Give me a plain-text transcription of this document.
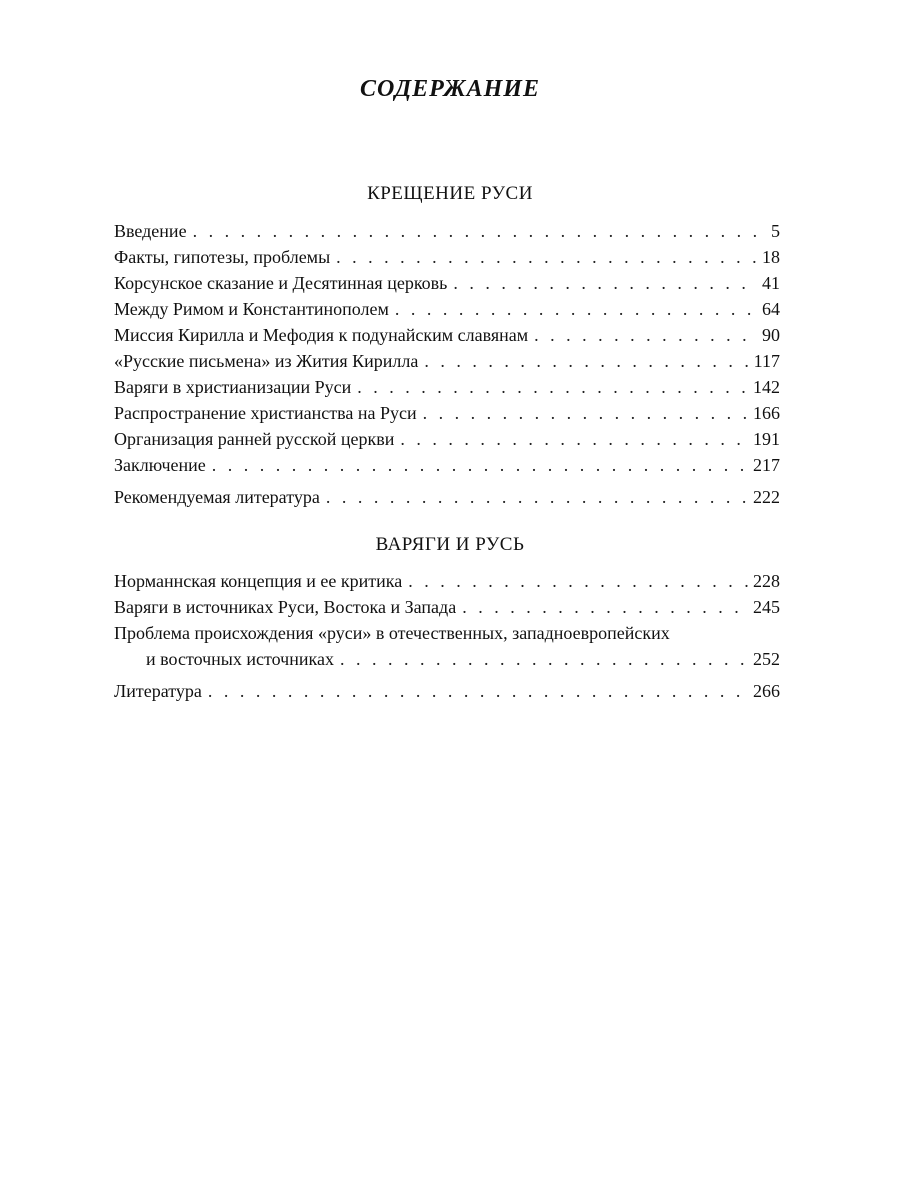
СОДЕРЖАНИЕ
КРЕЩЕНИЕ РУСИ
Введение . . .	5
Факты, гипотезы, проблемы . . .	18
Корсунское сказание и Десятинная церковь . . .	41
Между Римом и Константинополем . . .	64
Миссия Кирилла и Мефодия к подунайским славянам . . .	90
«Русские письмена» из Жития Кирилла . . .	117
Варяги в христианизации Руси . . .	142
Распространение христианства на Руси . . .	166
Организация ранней русской церкви . . .	191
Заключение . . .	217
Рекомендуемая литература . . .	222
ВАРЯГИ И РУСЬ
Норманнская концепция и ее критика . . .	228
Варяги в источниках Руси, Востока и Запада . . .	245
Проблема происхождения «руси» в отечественных, западноевропейских
и восточных источниках . . .	252
Литература . . .	266
